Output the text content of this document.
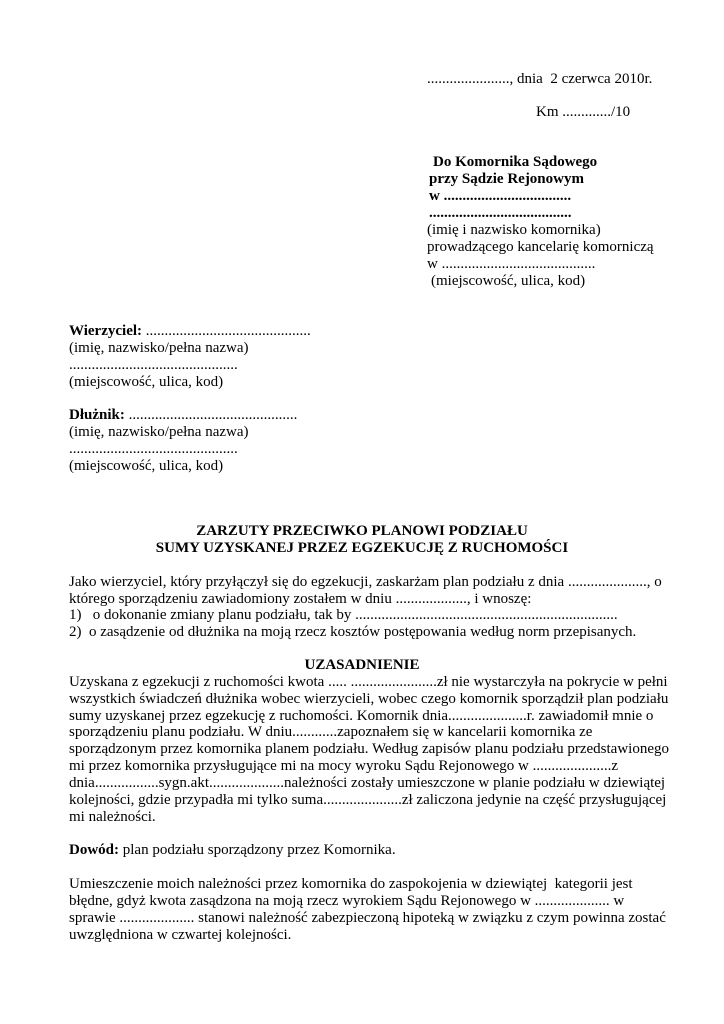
......................, dnia  2 czerwca 2010r.
Km ............./10
Do Komornika Sądowego
przy Sądzie Rejonowym
w ..................................
......................................
(imię i nazwisko komornika)
prowadzącego kancelarię komorniczą
w .........................................
(miejscowość, ulica, kod)
Wierzyciel: ............................................
(imię, nazwisko/pełna nazwa)
.............................................
(miejscowość, ulica, kod)
Dłużnik: .............................................
(imię, nazwisko/pełna nazwa)
.............................................
(miejscowość, ulica, kod)
ZARZUTY PRZECIWKO PLANOWI PODZIAŁU
SUMY UZYSKANEJ PRZEZ EGZEKUCJĘ Z RUCHOMOŚCI
Jako wierzyciel, który przyłączył się do egzekucji, zaskarżam plan podziału z dnia ....................., o
którego sporządzeniu zawiadomiony zostałem w dniu ..................., i wnoszę:
1)   o dokonanie zmiany planu podziału, tak by ......................................................................
2)  o zasądzenie od dłużnika na moją rzecz kosztów postępowania według norm przepisanych.
UZASADNIENIE
Uzyskana z egzekucji z ruchomości kwota ..... .......................zł nie wystarczyła na pokrycie w pełni
wszystkich świadczeń dłużnika wobec wierzycieli, wobec czego komornik sporządził plan podziału
sumy uzyskanej przez egzekucję z ruchomości. Komornik dnia.....................r. zawiadomił mnie o
sporządzeniu planu podziału. W dniu............zapoznałem się w kancelarii komornika ze
sporządzonym przez komornika planem podziału. Według zapisów planu podziału przedstawionego
mi przez komornika przysługujące mi na mocy wyroku Sądu Rejonowego w .....................z
dnia.................sygn.akt....................należności zostały umieszczone w planie podziału w dziewiątej
kolejności, gdzie przypadła mi tylko suma.....................zł zaliczona jedynie na część przysługującej
mi należności.
Dowód: plan podziału sporządzony przez Komornika.
Umieszczenie moich należności przez komornika do zaspokojenia w dziewiątej  kategorii jest
błędne, gdyż kwota zasądzona na moją rzecz wyrokiem Sądu Rejonowego w .................... w
sprawie .................... stanowi należność zabezpieczoną hipoteką w związku z czym powinna zostać
uwzględniona w czwartej kolejności.
